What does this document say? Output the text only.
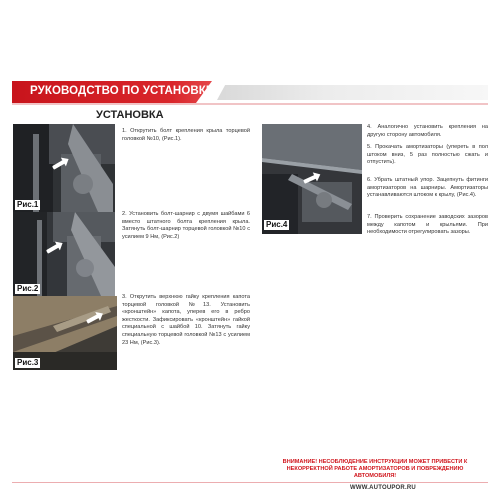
РУКОВОДСТВО ПО УСТАНОВКЕ
УСТАНОВКА
Рис.1
Рис.2
Рис.3
Рис.4
1. Открутить болт крепления крыла торцевой головкой №10, (Рис.1).
2. Установить болт-шарнир с двумя шайбами 6 вместо штатного болта крепления крыла. Затянуть болт-шарнир торцевой головкой №10 с усилием 9 Нм, (Рис.2)
3. Открутить верхнюю гайку крепления капота торцевой головкой №13. Установить «кронштейн» капота, уперев его в ребро жесткости. Зафиксировать «кронштейн» гайкой специальной с шайбой 10. Затянуть гайку специальную торцевой головкой №13 с усилием 23 Нм, (Рис.3).
4. Аналогично установить крепления на другую сторону автомобиля.
5. Прокачать амортизаторы (упереть в пол штоком вниз, 5 раз полностью сжать и отпустить).
6. Убрать штатный упор. Зацепнуть фитинги амортизаторов на шарниры. Амортизаторы устанавливаются штоком к крылу, (Рис.4).
7. Проверить сохранение заводских зазоров между капотом и крыльями. При необходимости отрегулировать зазоры.
ВНИМАНИЕ! НЕСОБЛЮДЕНИЕ ИНСТРУКЦИИ МОЖЕТ ПРИВЕСТИ К
НЕКОРРЕКТНОЙ РАБОТЕ АМОРТИЗАТОРОВ И ПОВРЕЖДЕНИЮ
АВТОМОБИЛЯ!
WWW.AUTOUPOR.RU
